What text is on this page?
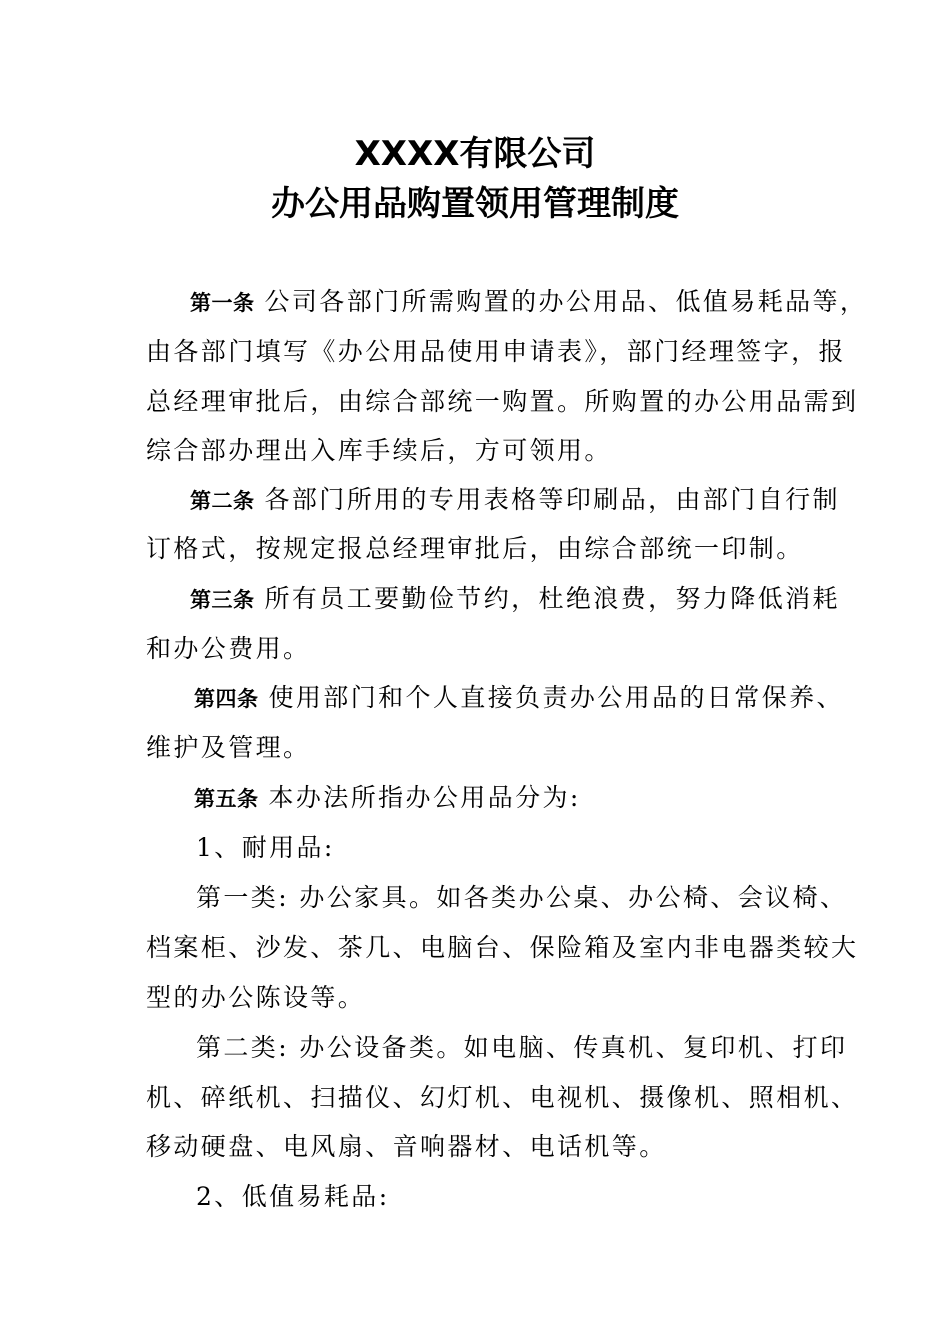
XXXX有限公司
办公用品购置领用管理制度
第一条 公司各部门所需购置的办公用品、低值易耗品等，
由各部门填写《办公用品使用申请表》，部门经理签字，报
总经理审批后，由综合部统一购置。所购置的办公用品需到
综合部办理出入库手续后，方可领用。
第二条 各部门所用的专用表格等印刷品，由部门自行制
订格式，按规定报总经理审批后，由综合部统一印制。
第三条 所有员工要勤俭节约，杜绝浪费，努力降低消耗
和办公费用。
第四条 使用部门和个人直接负责办公用品的日常保养、
维护及管理。
第五条 本办法所指办公用品分为:
1、耐用品:
第一类: 办公家具。如各类办公桌、办公椅、会议椅、
档案柜、沙发、茶几、电脑台、保险箱及室内非电器类较大
型的办公陈设等。
第二类: 办公设备类。如电脑、传真机、复印机、打印
机、碎纸机、扫描仪、幻灯机、电视机、摄像机、照相机、
移动硬盘、电风扇、音响器材、电话机等。
2、低值易耗品:
